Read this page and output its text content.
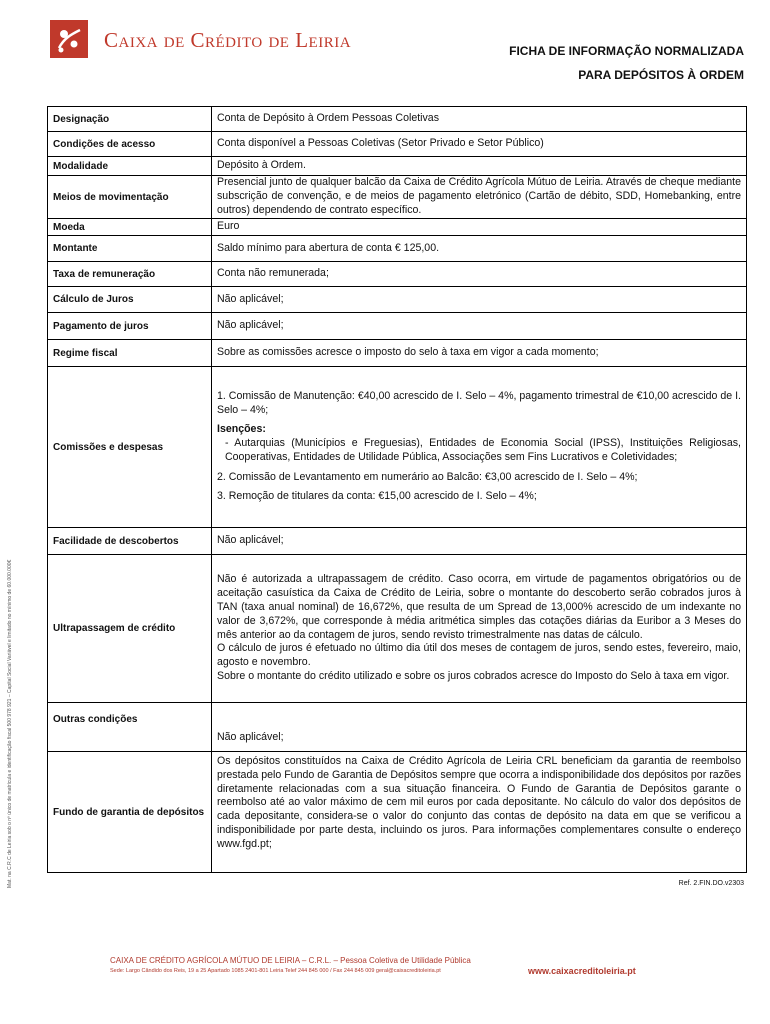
Caixa de Crédito de Leiria	FICHA DE INFORMAÇÃO NORMALIZADA
PARA DEPÓSITOS À ORDEM
Mat. na C.R.C de Leiria sob o nº único de matrícula e identificação fiscal 500 978 921 – Capital Social Variável e limitado no mínimo de 60.000.000€
Designação	Conta de Depósito à Ordem Pessoas Coletivas
Condições de acesso	Conta disponível a Pessoas Coletivas (Setor Privado e Setor Público)
Modalidade	Depósito à Ordem.
Meios de movimentação	Presencial junto de qualquer balcão da Caixa de Crédito Agrícola Mútuo de Leiria. Através de cheque mediante subscrição de convenção, e de meios de pagamento eletrónico (Cartão de débito, SDD, Homebanking, entre outros) dependendo de contrato específico.
Moeda	Euro
Montante	Saldo mínimo para abertura de conta € 125,00.
Taxa de remuneração	Conta não remunerada;
Cálculo de Juros	Não aplicável;
Pagamento de juros	Não aplicável;
Regime fiscal	Sobre as comissões acresce o imposto do selo à taxa em vigor a cada momento;
Comissões e despesas	1. Comissão de Manutenção: €40,00 acrescido de I. Selo – 4%, pagamento trimestral de €10,00 acrescido de I. Selo – 4%;
Isenções:
- Autarquias (Municípios e Freguesias), Entidades de Economia Social (IPSS), Instituições Religiosas, Cooperativas, Entidades de Utilidade Pública, Associações sem Fins Lucrativos e Coletividades;
2. Comissão de Levantamento em numerário ao Balcão: €3,00 acrescido de I. Selo – 4%;
3. Remoção de titulares da conta: €15,00 acrescido de I. Selo – 4%;

Facilidade de descobertos	Não aplicável;
Ultrapassagem de crédito	Não é autorizada a ultrapassagem de crédito. Caso ocorra, em virtude de pagamentos obrigatórios ou de aceitação casuística da Caixa de Crédito de Leiria, sobre o montante do descoberto serão cobrados juros à TAN (taxa anual nominal) de 16,672%, que resulta de um Spread de 13,000% acrescido de um indexante no valor de 3,672%, que corresponde à média aritmética simples das cotações diárias da Euribor a 3 Meses do mês anterior ao da contagem de juros, sendo revisto trimestralmente nas datas de cálculo.
O cálculo de juros é efetuado no último dia útil dos meses de contagem de juros, sendo estes, fevereiro, maio, agosto e novembro.
Sobre o montante do crédito utilizado e sobre os juros cobrados acresce do Imposto do Selo à taxa em vigor.

Outras condições	Não aplicável;
Fundo de garantia de depósitos	Os depósitos constituídos na Caixa de Crédito Agrícola de Leiria CRL beneficiam da garantia de reembolso prestada pelo Fundo de Garantia de Depósitos sempre que ocorra a indisponibilidade dos depósitos por razões diretamente relacionadas com a sua situação financeira. O Fundo de Garantia de Depósitos garante o reembolso até ao valor máximo de cem mil euros por cada depositante. No cálculo do valor dos depósitos de cada depositante, considera-se o valor do conjunto das contas de depósito na data em que se verificou a indisponibilidade por parte desta, incluindo os juros. Para informações complementares consulte o endereço www.fgd.pt;
Ref. 2.FIN.DO.v2303
CAIXA DE CRÉDITO AGRÍCOLA MÚTUO DE LEIRIA – C.R.L. – Pessoa Coletiva de Utilidade Pública
Sede: Largo Cândido dos Reis, 19 a 25 Apartado 1085 2401-801 Leiria Telef 244 845 000 / Fax 244 845 009 geral@caixacreditoleiria.pt	www.caixacreditoleiria.pt
